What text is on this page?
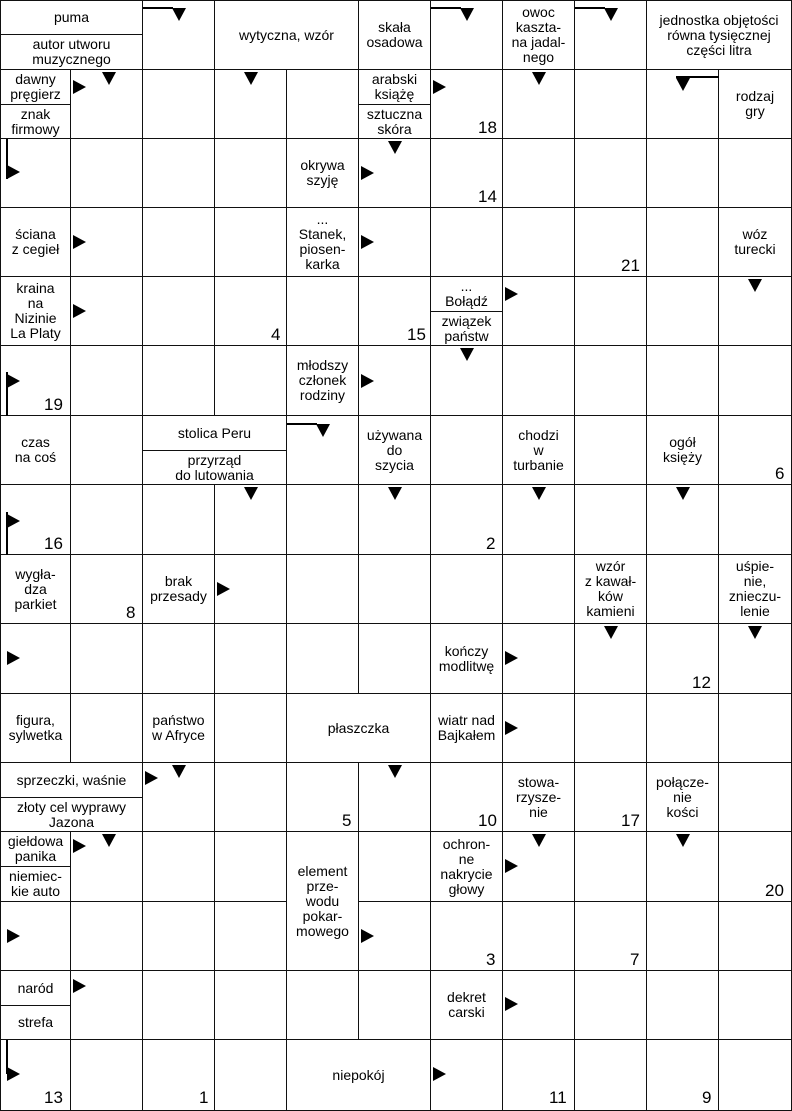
puma
autor utworu
muzycznego
wytyczna, wzór	skała
osadowa
owoc
kaszta-
na jadal-
nego
jednostka objętości
równa tysięcznej
części litra
dawny
pręgierz
znak
firmowy
arabski
książę
sztuczna
skóra
rodzaj
gry
okrywa
szyję
ściana
z cegieł
...
Stanek,
piosen-
karka
wóz
turecki
kraina
na
Nizinie
La Platy
...
Bołądź
związek
państw
młodszy
członek
rodziny
czas
na coś
stolica Peru
przyrząd
do lutowania
używana
do
szycia
chodzi
w
turbanie
ogół
księży
wygła-
dza
parkiet
brak
przesady
wzór
z kawał-
ków
kamieni
uśpie-
nie,
znieczu-
lenie
kończy
modlitwę
figura,
sylwetka
państwo
w Afryce	płaszczka	wiatr nad
Bajkałem
sprzeczki, waśnie
złoty cel wyprawy
Jazona
stowa-
rzysze-
nie
połącze-
nie
kości
giełdowa
panika
niemiec-
kie auto
element
prze-
wodu
pokar-
mowego
ochron-
ne
nakrycie
głowy
naród
strefa
dekret
carski
niepokój
18
14
21
4	15
19
6
16	2
8
12
5	10	17
20
3	7
13	1	11	9
